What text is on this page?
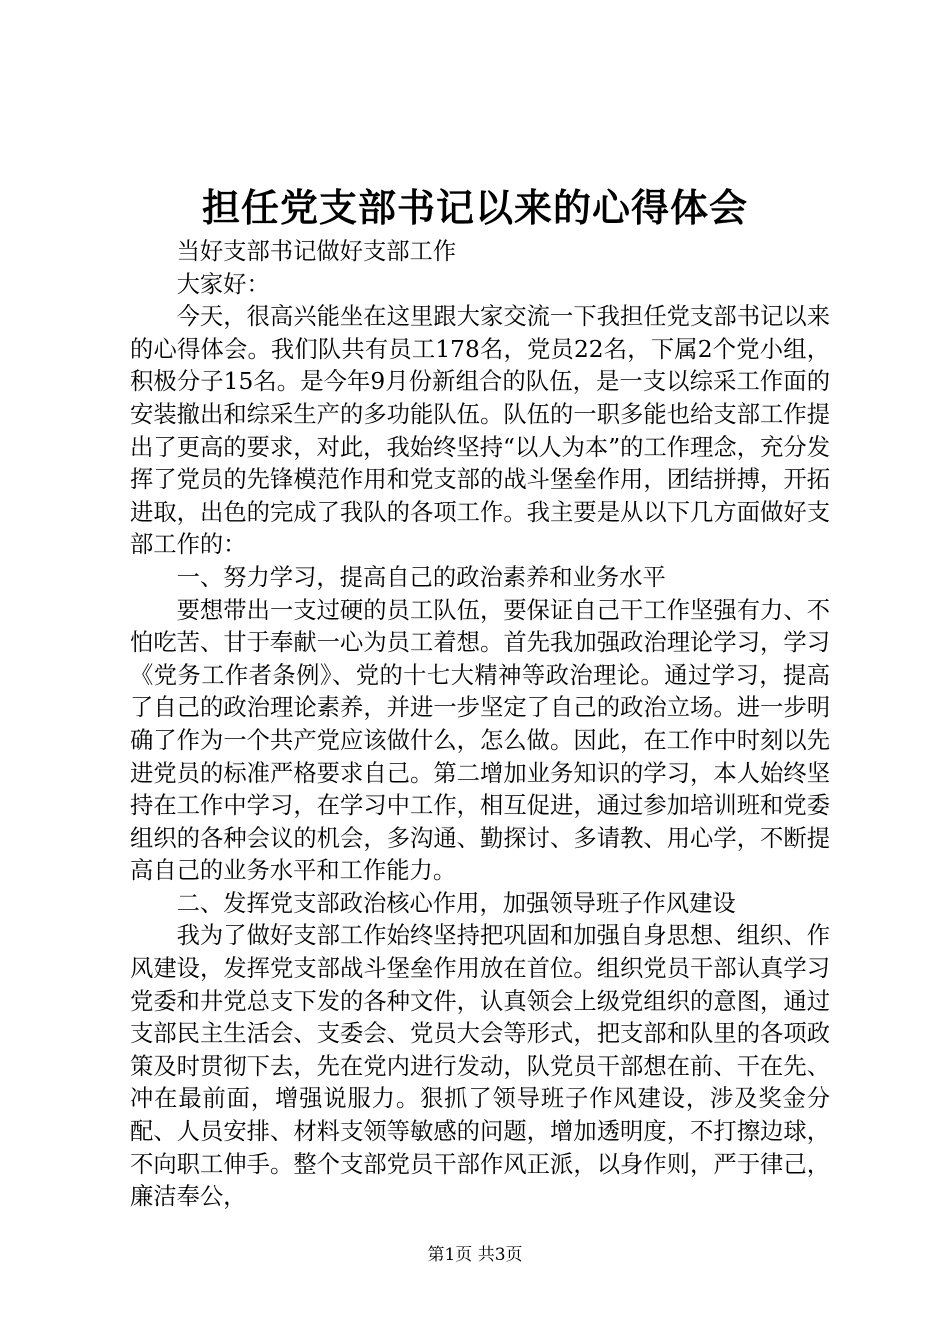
担任党支部书记以来的心得体会

当好支部书记做好支部工作

大家好：

今天，很高兴能坐在这里跟大家交流一下我担任党支部书记以来的心得体会。我们队共有员工178名，党员22名，下属2个党小组，积极分子15名。是今年9月份新组合的队伍，是一支以综采工作面的安装撤出和综采生产的多功能队伍。队伍的一职多能也给支部工作提出了更高的要求，对此，我始终坚持“以人为本”的工作理念，充分发挥了党员的先锋模范作用和党支部的战斗堡垒作用，团结拼搏，开拓进取，出色的完成了我队的各项工作。我主要是从以下几方面做好支部工作的：

一、努力学习，提高自己的政治素养和业务水平

要想带出一支过硬的员工队伍，要保证自己干工作坚强有力、不怕吃苦、甘于奉献一心为员工着想。首先我加强政治理论学习，学习《党务工作者条例》、党的十七大精神等政治理论。通过学习，提高了自己的政治理论素养，并进一步坚定了自己的政治立场。进一步明确了作为一个共产党应该做什么，怎么做。因此，在工作中时刻以先进党员的标准严格要求自己。第二增加业务知识的学习，本人始终坚持在工作中学习，在学习中工作，相互促进，通过参加培训班和党委组织的各种会议的机会，多沟通、勤探讨、多请教、用心学，不断提高自己的业务水平和工作能力。

二、发挥党支部政治核心作用，加强领导班子作风建设

我为了做好支部工作始终坚持把巩固和加强自身思想、组织、作风建设，发挥党支部战斗堡垒作用放在首位。组织党员干部认真学习党委和井党总支下发的各种文件，认真领会上级党组织的意图，通过支部民主生活会、支委会、党员大会等形式，把支部和队里的各项政策及时贯彻下去，先在党内进行发动，队党员干部想在前、干在先、冲在最前面，增强说服力。狠抓了领导班子作风建设，涉及奖金分配、人员安排、材料支领等敏感的问题，增加透明度，不打擦边球，不向职工伸手。整个支部党员干部作风正派，以身作则，严于律己，廉洁奉公，

第1页 共3页
